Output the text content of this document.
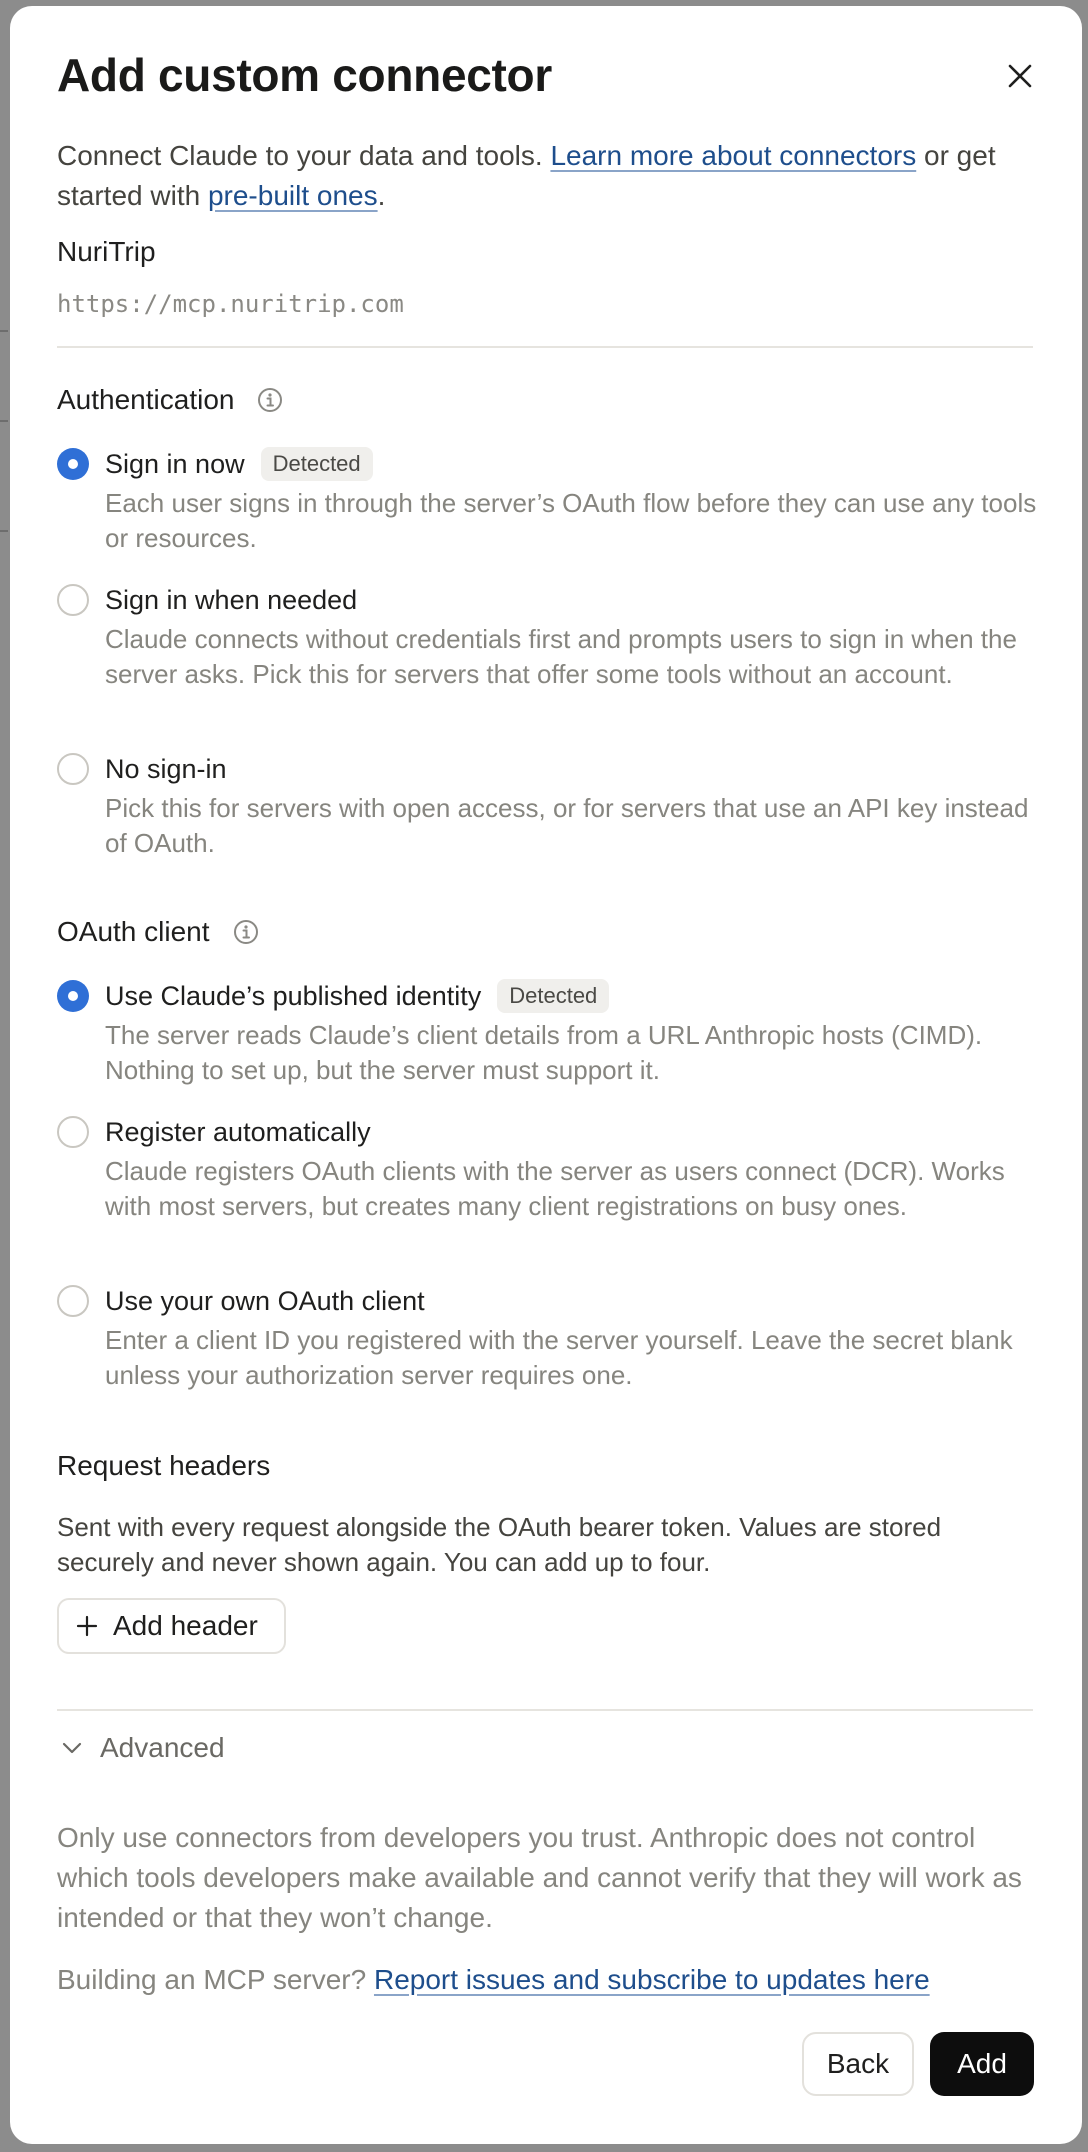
Add custom connector

Connect Claude to your data and tools. Learn more about connectors or get started with pre-built ones.

NuriTrip
https://mcp.nuritrip.com
Authentication
Sign in now	Detected
Each user signs in through the server’s OAuth flow before they can use any tools or resources.
Sign in when needed
Claude connects without credentials first and prompts users to sign in when the server asks. Pick this for servers that offer some tools without an account.
No sign-in
Pick this for servers with open access, or for servers that use an API key instead of OAuth.
OAuth client
Use Claude’s published identity	Detected
The server reads Claude’s client details from a URL Anthropic hosts (CIMD). Nothing to set up, but the server must support it.
Register automatically
Claude registers OAuth clients with the server as users connect (DCR). Works with most servers, but creates many client registrations on busy ones.
Use your own OAuth client
Enter a client ID you registered with the server yourself. Leave the secret blank unless your authorization server requires one.
Request headers
Sent with every request alongside the OAuth bearer token. Values are stored securely and never shown again. You can add up to four.
Add header
Advanced

Only use connectors from developers you trust. Anthropic does not control which tools developers make available and cannot verify that they will work as intended or that they won’t change.

Building an MCP server? Report issues and subscribe to updates here

Back	Add
